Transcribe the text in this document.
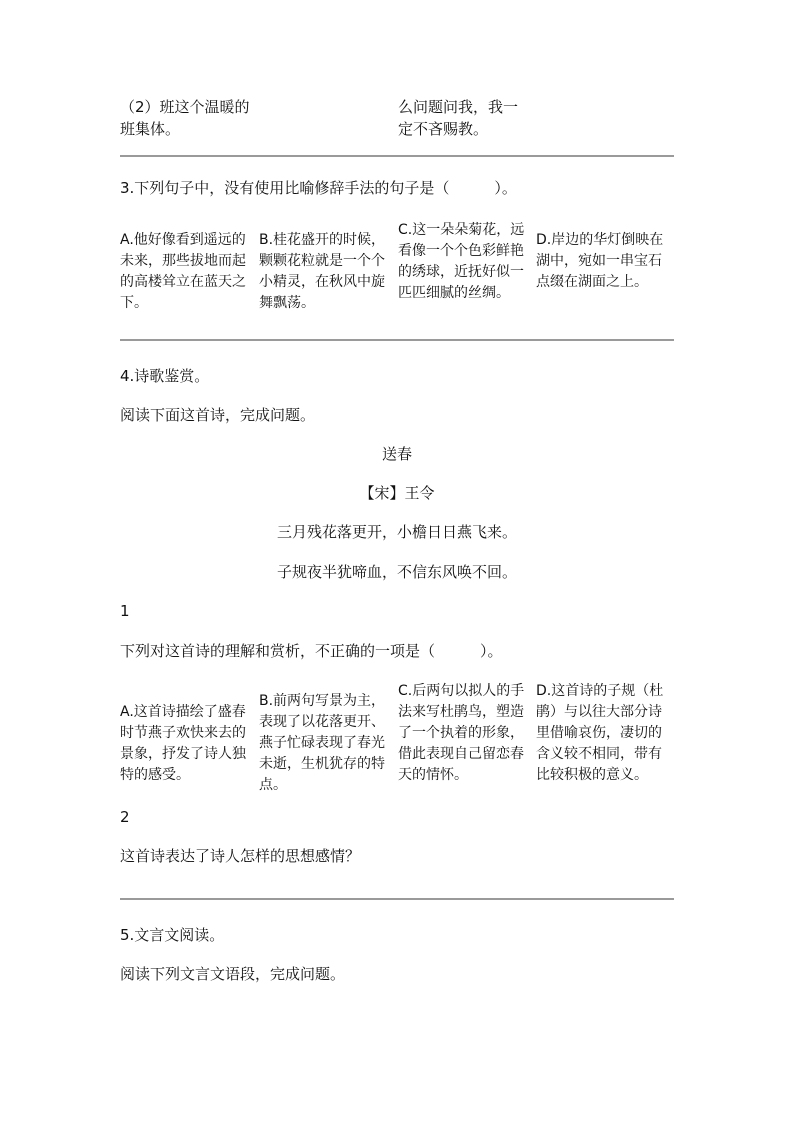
（2）班这个温暖的
班集体。
么问题问我，我一
定不吝赐教。
3.下列句子中，没有使用比喻修辞手法的句子是（　　　）。
A.他好像看到遥远的未来，那些拔地而起的高楼耸立在蓝天之下。
B.桂花盛开的时候，颗颗花粒就是一个个小精灵，在秋风中旋舞飘荡。
C.这一朵朵菊花，远看像一个个色彩鲜艳的绣球，近抚好似一匹匹细腻的丝绸。
D.岸边的华灯倒映在湖中，宛如一串宝石点缀在湖面之上。
4.诗歌鉴赏。
阅读下面这首诗，完成问题。
送春
【宋】王令
三月残花落更开，小檐日日燕飞来。
子规夜半犹啼血，不信东风唤不回。
1
下列对这首诗的理解和赏析，不正确的一项是（　　　）。
A.这首诗描绘了盛春时节燕子欢快来去的景象，抒发了诗人独特的感受。
B.前两句写景为主，表现了以花落更开、燕子忙碌表现了春光未逝，生机犹存的特点。
C.后两句以拟人的手法来写杜鹃鸟，塑造了一个执着的形象，借此表现自己留恋春天的情怀。
D.这首诗的子规（杜鹃）与以往大部分诗里借喻哀伤，凄切的含义较不相同，带有比较积极的意义。
2
这首诗表达了诗人怎样的思想感情？
5.文言文阅读。
阅读下列文言文语段，完成问题。
